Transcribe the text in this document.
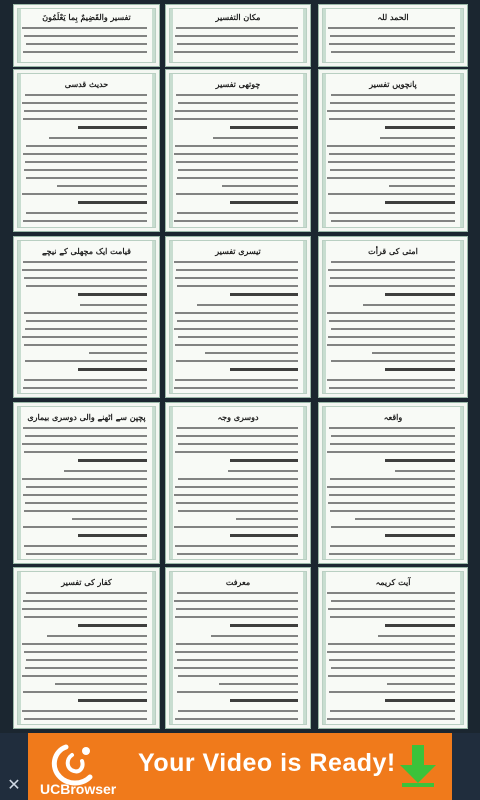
تفسیر والقَضِيمٌ بِما يَعْلَمُونَ	مکان التفسیر	الحمد للہ
حدیث قدسی	چوتھی تفسیر	پانچویں تفسیر
قیامت ایک مچھلی کے نیچے	تیسری تفسیر	امتی کی قرأت
پچپن سے اٹھنے والی دوسری بیماری	دوسری وجہ	واقعہ
کفار کی تفسیر	معرفت	آیت کریمہ
✕ UCBrowser
Your Video is Ready!
